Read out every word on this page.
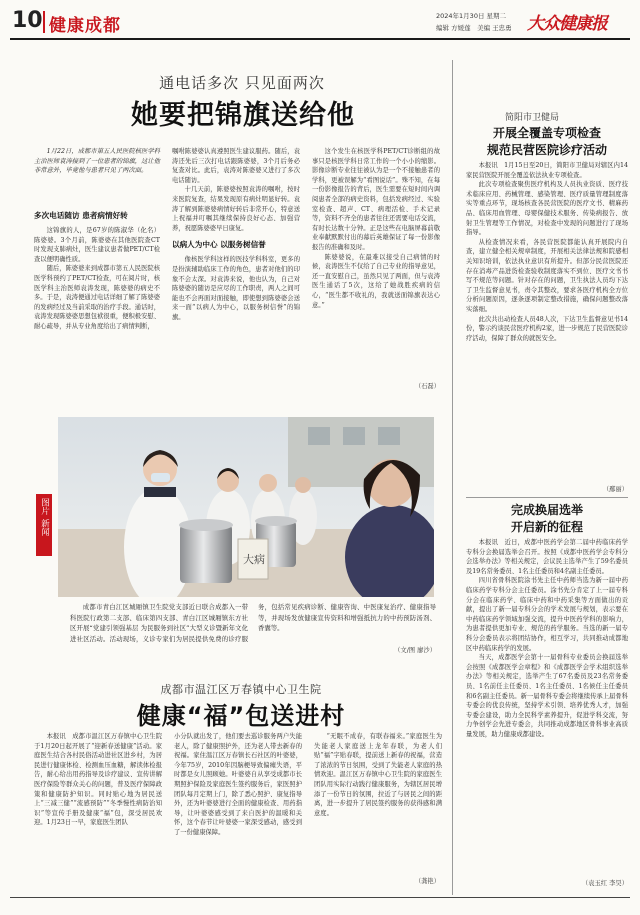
10 健康成都	2024年1月30日 星期二
编辑 方媛莲　美编 王忠勇 大众健康报
通电话多次 只见面两次
她要把锦旗送给他
1月22日，成都市第五人民医院核医学科主治医师袁涛接到了一位患者的锦旗，这让他非常意外，毕竟他与患者只见了两次面。
多次电话随访 患者病情好转

这锦旗的人，是67岁的陈淑华（化名）陈婆婆。3个月前，陈婆婆在其他医院查CT时发现支肺病灶，医生建议患者做PET/CT检查以便明确性质。

随后，陈婆婆来到成都市第五人民医院核医学科预约了PET/CT检查，可在阅片时，核医学科主治医师袁涛发现，陈婆婆的病史不多。于是，袁涛便通过电话详细了解了陈婆婆的发病经过及当前采取的治疗手段。通话时，袁涛发现陈婆婆思想包袱很重，便积极安慰、耐心疏导，并从专业角度给出了病情判断，

嘱咐陈婆婆认真遵照医生建议服药。随后，袁涛还先后三次打电话跟陈婆婆，3个月后务必复查对比。此后，袁涛对陈婆婆又进行了多次电话随访。

十几天前，陈婆婆按照袁涛的嘱咐，按时来医院复查，结果发现原有病灶明显好转。袁涛了解到陈婆婆病情好转后非常开心，特意送上祝福并叮嘱其继续保持良好心态、加强营养，祝愿陈婆婆早日康复。

以病人为中心 以服务树信誉

像核医学科这样的医技学科科室，更多的是扮演辅助临床工作的角色，患者对他们的印象不会太深。对袁涛来说，他也认为，自己对陈婆婆的随访是应尽的工作职责，两人之间可能也不会再面对面接触，即使想到陈婆婆会送来一面“以病人为中心，以服务树信誉”的锦旗。

这个发生在核医学科PET/CT诊断组的故事只是核医学科日常工作的一个小小的缩影。影像诊断专业往往被认为是一个不接触患者的学科，更被误解为“看图说话”。殊不知，在每一份影像报告的背后，医生需要在短时间内调阅患者全部的病史资料，包括发病经过、实验室检查、超声、CT、病理活检、手术记录等，资料不齐全的患者往往还需要电话交流，有时长达数十分钟。正是这些在电脑屏幕前敬业奉献默默付出的幕后英雄保证了每一份影像报告的准确和及时。

陈婆婆说，在最难以接受自己病情的时候，袁涛医生不仅给了自己专业的指导意见，还一直安慰自己，虽然只见了两面，但与袁涛医生通话了5次，这给了她战胜疾病的信心，“医生都不收礼的，我就送面锦旗表达心意。”

（石磊）
简阳市卫健局
开展全覆盖专项检查
规范民营医院诊疗活动

本报讯　1月15日至20日，简阳市卫健局对辖区内14家民营医院开展全覆盖依法执业专项检查。

此次专项检查聚焦医疗机构及人员执业资质、医疗技术临床应用、药械管理、感染管理、医疗质量管理制度落实等重点环节，现场核查各民营医院的医疗文书、精麻药品、临床用血管理、母婴保健技术服务、传染病报告、放射卫生管理等工作情况，对检查中发现的问题进行了现场指导。

从检查情况来看，各民营医院都能认真开展院内自查，建立健全相关规章制度，开展相关法律法规和院感相关知识培训，依法执业意识有所提升。但部分民营医院还存在消毒产品进货检查验收制度落实不到位、医疗文书书写不规范等问题。针对存在的问题，卫生执法人员均下达了卫生监督意见书，责令其整改，要求各医疗机构全方位分析问题原因，逐条逐项制定整改措施，确保问题整改落实落细。

此次共出动检查人员48人次，下达卫生监督意见书14份，警示约谈民营医疗机构2家，进一步规范了民营医院诊疗活动，保障了群众的就医安全。

（鄢丽）
图片
新闻
大病
成都市青白江区城厢镇卫生院党支部近日联合成都入一带科医院行政第二支部、临床第四支部、青白江区城厢镇东方社区开展“党建引领强基层 为民服务到社区”大型义诊暨新年文化进社区活动。活动现场，义诊专家们为居民提供免费的诊疗服务，包括常见疾病诊断、健康咨询、中医康复治疗、健康指导等，并现场发放健康宣传资料和增强抵抗力的中药预防汤剂、香囊等。
（文/图 廖沙）
成都市温江区万春镇中心卫生院
健康“福”包送进村
本报讯　成都市温江区万春镇中心卫生院于1月20日起开展了“迎新春送健康”活动。家庭医生结合各村民俗活动进社区进乡村，为居民进行健康体检、检测血压血糖，解读体检报告，耐心给出用药指导及诊疗建议、宣传讲解医疗保险等群众关心的问题，普及医疗保障政策和健康防护知识。同时贴心地为居民送上“三减三健”“流感预防”“冬季慢性病防治知识”等宣传手册及健康“福”包，深受居民欢迎。1月23日一早，家庭医生团队
小分队就出发了，他们要去巡诊服务两户失能老人，除了健康照护外，还为老人带去新春的祝福。家住温江区万春镇长石社区的叶婆婆，今年75岁，2010年因脑梗导致偏瘫失语，平时都是女儿照顾她。叶婆婆自从享受成都市长期照护保险及家庭医生签约服务后，家医照护团队每月定期上门，除了悉心照护、康复指导外，还为叶婆婆进行全面的健康检查、用药指导，让叶婆婆感受到了来自医护的温暖和关怀，这个春节让叶婆婆一家深受感动，感受到了一份健康保障。
“无眠不成春，有联春福来。”家庭医生为失能老人家庭送上龙年春联，为老人们贴“福”字贴春联，提前送上新春的祝福，营造了浓浓的节日氛围，受到了失能老人家庭的热情欢迎。温江区万春镇中心卫生院的家庭医生团队用实际行动践行健康服务，为辖区居民增添了一份节日的氛围，拉近了与居民之间的距离，进一步提升了居民签约服务的获得感和满意度。
（龚艳）
完成换届选举
开启新的征程

本报讯　近日，成都中医药学会第二届中药临床药学专科分会换届选举会召开。按照《成都中医药学会专科分会选举办法》等相关规定，会议民主选举产生了59名委员及19名常务委员、1名主任委员和4名副主任委员。

四川省骨科医院涂书先主任中药师当选为新一届中药临床药学专科分会主任委员。涂书先分肯定了上一届专科分会在临床药学、临床中药和中药采集等方面做出的贡献，提出了新一届专科分会的学术发展与规划，表示要在中药临床药学领域加强交流，提升中医药学科的影响力，为患者提供更加专业、规范的药学服务。当选的新一届专科分会委员表示将团结协作，相互学习，共同推动成都地区中药临床药学的发展。

当天，成都医学会第十一届骨科专业委员会换届选举会按照《成都医学会章程》和《成都医学会学术组织选举办法》等相关规定，选举产生了67名委员及23名常务委员、1名前任主任委员、1名主任委员、1名候任主任委员和6名副主任委员。新一届骨科专委会将继续传承上届骨科专委会的优良传统，坚持学术引领、培养优秀人才，加强专委会建设，助力全民科学素养提升，促进学科交流，努力争创学会先进专委会，共同推动成都地区骨科事业高质量发展，助力健康成都建设。

（袁玉红 李昊）
